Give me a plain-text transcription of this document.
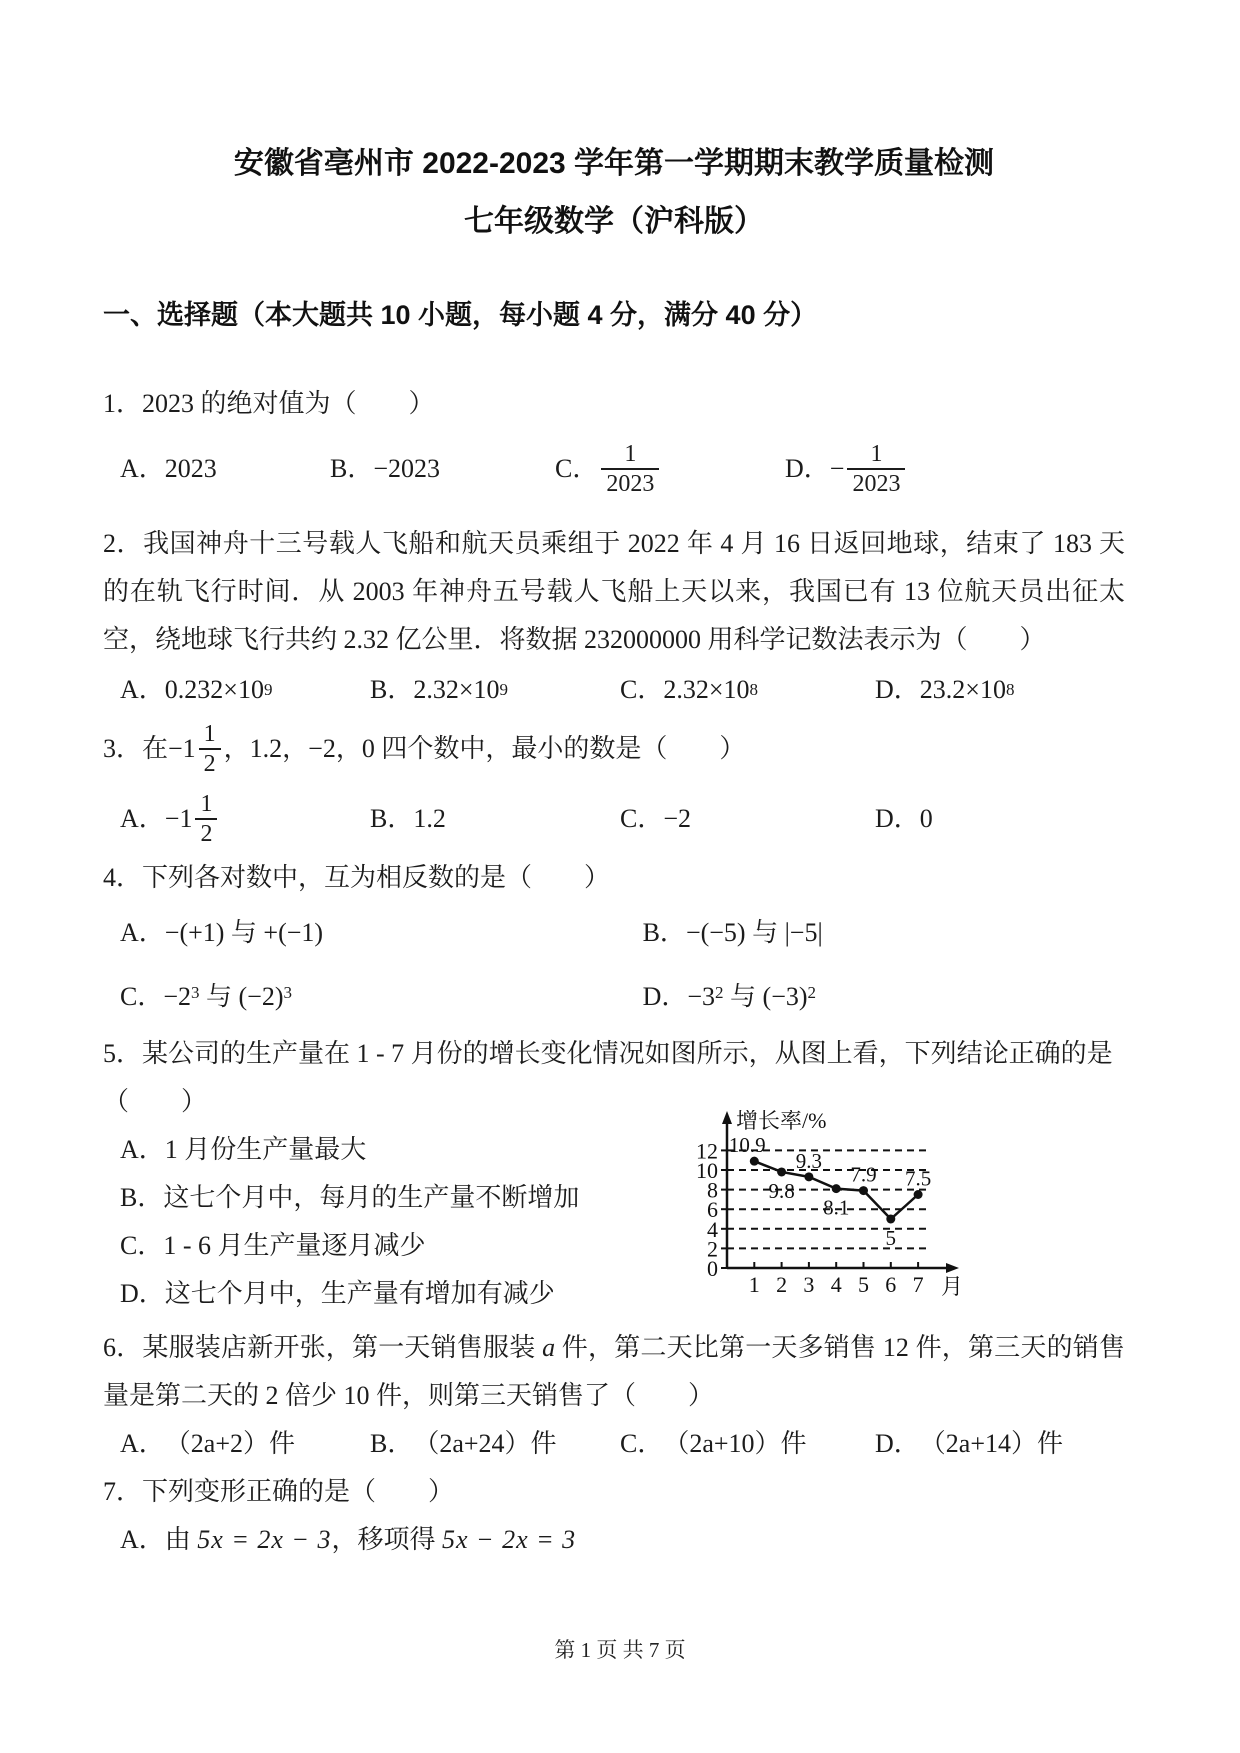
安徽省亳州市 2022-2023 学年第一学期期末教学质量检测
七年级数学（沪科版）
一、选择题（本大题共 10 小题，每小题 4 分，满分 40 分）
1．2023 的绝对值为（　　）
A． 2023	B． −2023	C． $\frac{1}{2023}$	D． − $\frac{1}{2023}$
2．我国神舟十三号载人飞船和航天员乘组于 2022 年 4 月 16 日返回地球，结束了 183 天的在轨飞行时间．从 2003 年神舟五号载人飞船上天以来，我国已有 13 位航天员出征太空，绕地球飞行共约 2.32 亿公里．将数据 232000000 用科学记数法表示为（　　）
A． 0.232×10 9	B． 2.32×10 9	C． 2.32×10 8	D． 23.2×10 8
3．在$-1 \frac{1}{2}$ ，1.2，−2，0 四个数中，最小的数是（　　）
A． $-1 \frac{1}{2}$	B． 1.2	C． −2	D． 0
4．下列各对数中，互为相反数的是（　　）
A．−(+1) 与 +(−1)	B．−(−5) 与 |−5|
C．$-2^3$ 与 $(-2)^3$	D．$-3^2$ 与 $(-3)^2$
5．某公司的生产量在 1 - 7 月份的增长变化情况如图所示，从图上看，下列结论正确的是
（　　）
A．1 月份生产量最大
B．这七个月中，每月的生产量不断增加
C．1 - 6 月生产量逐月减少
D．这七个月中，生产量有增加有减少
0
2
4
6
8
10
12
1 2 3 4 5 6 7
10.9
9.8
9.3
8.1
7.9
5
7.5
增长率/%
月
6．某服装店新开张，第一天销售服装 a 件，第二天比第一天多销售 12 件，第三天的销售量是第二天的 2 倍少 10 件，则第三天销售了（　　）
A． （2a+2）件	B． （2a+24）件 C． （2a+10）件	D． （2a+14）件
7．下列变形正确的是（　　）
A．由 5x = 2x − 3，移项得 5x − 2x = 3
第 1 页 共 7 页
